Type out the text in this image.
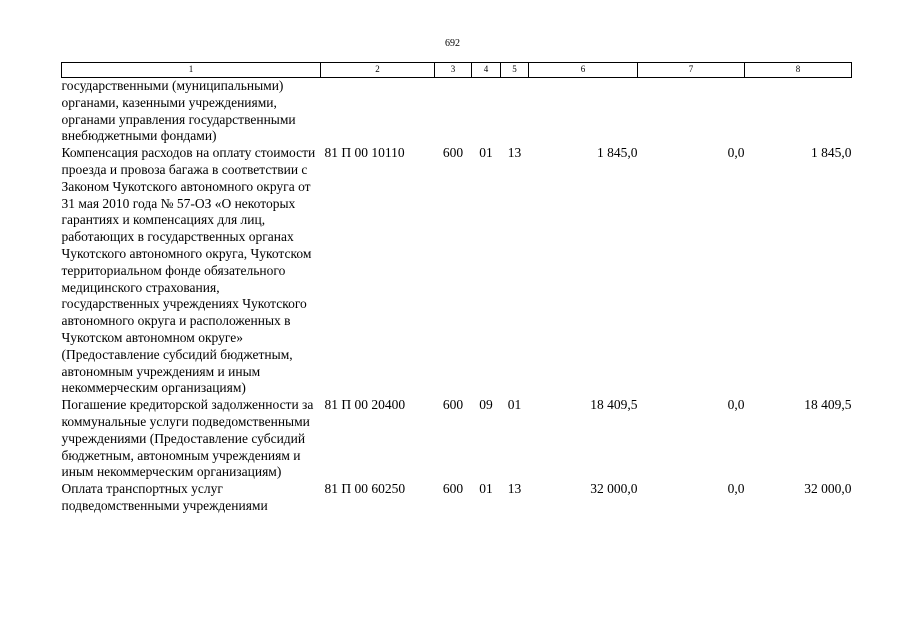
692
1	2	3	4	5	6	7	8
государственными (муниципальными) органами, казенными учреждениями, органами управления государственными внебюджетными фондами)							
Компенсация расходов на оплату стоимости проезда и провоза багажа в соответствии с Законом Чукотского автономного округа от 31 мая 2010 года № 57-ОЗ «О некоторых гарантиях и компенсациях для лиц, работающих в государственных органах Чукотского автономного округа, Чукотском территориальном фонде обязательного медицинского страхования, государственных учреждениях Чукотского автономного округа и расположенных в Чукотском автономном округе» (Предоставление субсидий бюджетным, автономным учреждениям и иным некоммерческим организациям)	81 П 00 10110	600	01	13	1 845,0	0,0	1 845,0
Погашение кредиторской задолженности за коммунальные услуги подведомственными учреждениями (Предоставление субсидий бюджетным, автономным учреждениям и иным некоммерческим организациям)	81 П 00 20400	600	09	01	18 409,5	0,0	18 409,5
Оплата транспортных услуг подведомственными учреждениями	81 П 00 60250	600	01	13	32 000,0	0,0	32 000,0
